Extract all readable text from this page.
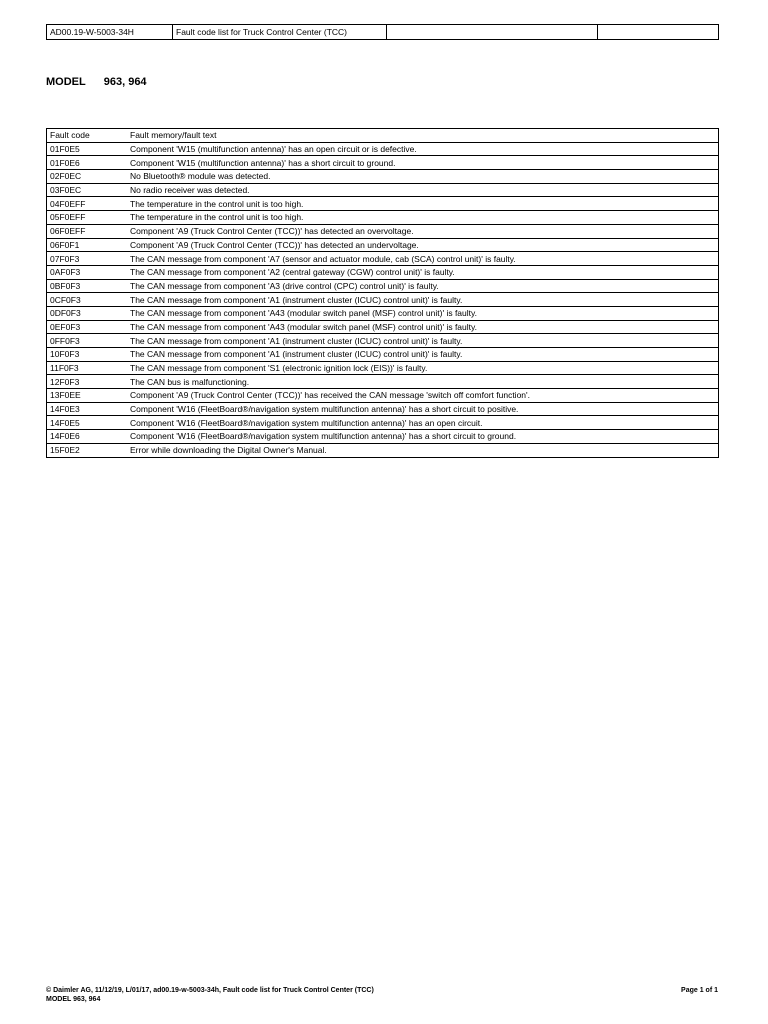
AD00.19-W-5003-34H	Fault code list for Truck Control Center (TCC)		
MODEL 963, 964
Fault code	Fault memory/fault text
01F0E5	Component 'W15 (multifunction antenna)' has an open circuit or is defective.
01F0E6	Component 'W15 (multifunction antenna)' has a short circuit to ground.
02F0EC	No Bluetooth® module was detected.
03F0EC	No radio receiver was detected.
04F0EFF	The temperature in the control unit is too high.
05F0EFF	The temperature in the control unit is too high.
06F0EFF	Component 'A9 (Truck Control Center (TCC))' has detected an overvoltage.
06F0F1	Component 'A9 (Truck Control Center (TCC))' has detected an undervoltage.
07F0F3	The CAN message from component 'A7 (sensor and actuator module, cab (SCA) control unit)' is faulty.
0AF0F3	The CAN message from component 'A2 (central gateway (CGW) control unit)' is faulty.
0BF0F3	The CAN message from component 'A3 (drive control (CPC) control unit)' is faulty.
0CF0F3	The CAN message from component 'A1 (instrument cluster (ICUC) control unit)' is faulty.
0DF0F3	The CAN message from component 'A43 (modular switch panel (MSF) control unit)' is faulty.
0EF0F3	The CAN message from component 'A43 (modular switch panel (MSF) control unit)' is faulty.
0FF0F3	The CAN message from component 'A1 (instrument cluster (ICUC) control unit)' is faulty.
10F0F3	The CAN message from component 'A1 (instrument cluster (ICUC) control unit)' is faulty.
11F0F3	The CAN message from component 'S1 (electronic ignition lock (EIS))' is faulty.
12F0F3	The CAN bus is malfunctioning.
13F0EE	Component 'A9 (Truck Control Center (TCC))' has received the CAN message 'switch off comfort function'.
14F0E3	Component 'W16 (FleetBoard®/navigation system multifunction antenna)' has a short circuit to positive.
14F0E5	Component 'W16 (FleetBoard®/navigation system multifunction antenna)' has an open circuit.
14F0E6	Component 'W16 (FleetBoard®/navigation system multifunction antenna)' has a short circuit to ground.
15F0E2	Error while downloading the Digital Owner's Manual.
© Daimler AG, 11/12/19, L/01/17, ad00.19-w-5003-34h, Fault code list for Truck Control Center (TCC)
MODEL 963, 964
Page 1 of 1
